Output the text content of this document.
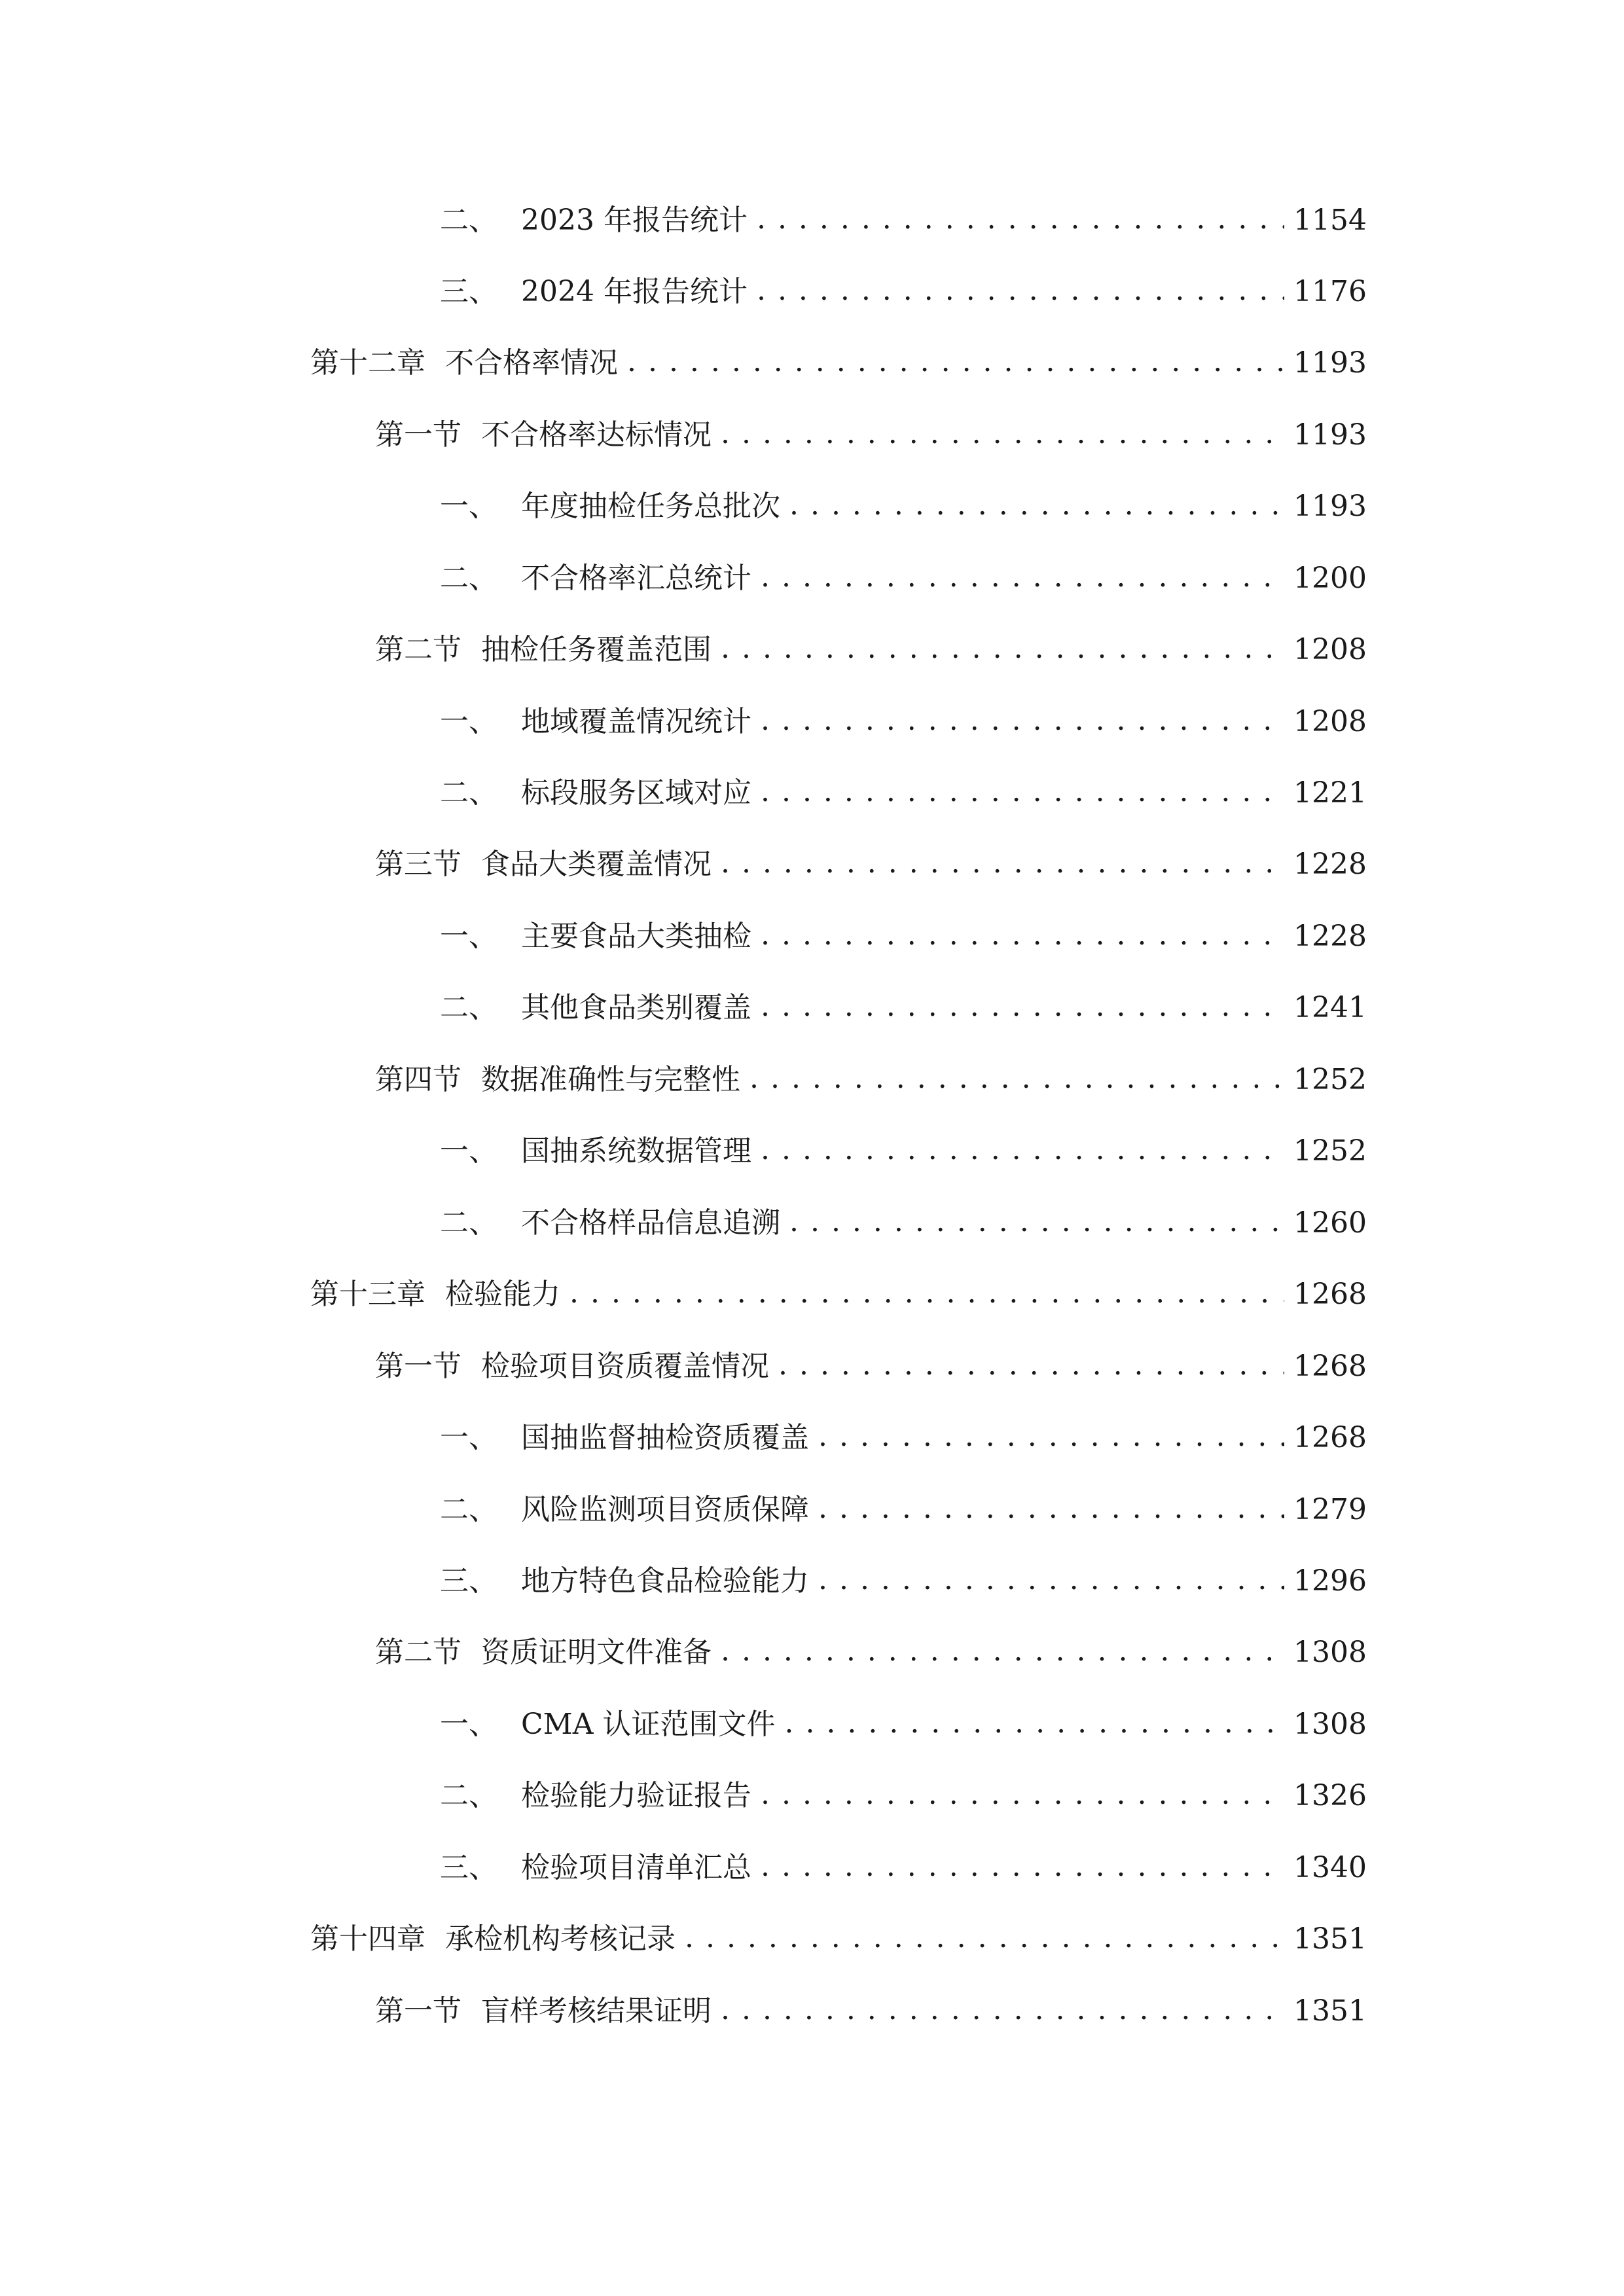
二、 2023 年报告统计 . . .	1154
三、 2024 年报告统计 . . .	1176
第十二章 不合格率情况 . . .	1193
第一节 不合格率达标情况 . . .	1193
一、 年度抽检任务总批次 . . .	1193
二、 不合格率汇总统计 . . .	1200
第二节 抽检任务覆盖范围 . . .	1208
一、 地域覆盖情况统计 . . .	1208
二、 标段服务区域对应 . . .	1221
第三节 食品大类覆盖情况 . . .	1228
一、 主要食品大类抽检 . . .	1228
二、 其他食品类别覆盖 . . .	1241
第四节 数据准确性与完整性 . . .	1252
一、 国抽系统数据管理 . . .	1252
二、 不合格样品信息追溯 . . .	1260
第十三章 检验能力 . . .	1268
第一节 检验项目资质覆盖情况 . . .	1268
一、 国抽监督抽检资质覆盖 . . .	1268
二、 风险监测项目资质保障 . . .	1279
三、 地方特色食品检验能力 . . .	1296
第二节 资质证明文件准备 . . .	1308
一、 CMA 认证范围文件 . . .	1308
二、 检验能力验证报告 . . .	1326
三、 检验项目清单汇总 . . .	1340
第十四章 承检机构考核记录 . . .	1351
第一节 盲样考核结果证明 . . .	1351
